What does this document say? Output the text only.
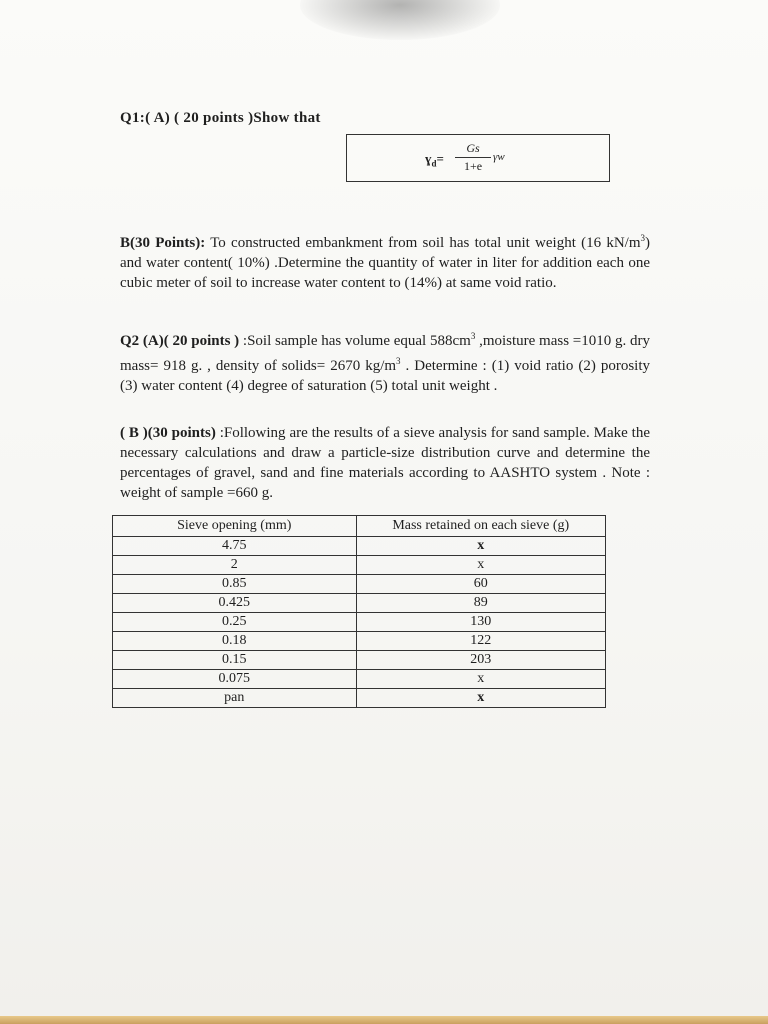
Q1:( A) ( 20 points )Show that
ɣ$_d$=
Gs
1+e
γw
B(30 Points): To constructed embankment from soil has total unit weight (16 $kN/m^3$) and water content( 10%) .Determine the quantity of water in liter for addition each one cubic meter of soil to increase water content to (14%) at same void ratio.
Q2 (A)( 20 points ) :Soil sample has volume equal $588cm^3$ ,moisture mass =1010 g. dry mass= 918 g. , density of solids= 2670 $kg/m^3$ . Determine : (1) void ratio (2) porosity (3) water content (4) degree of saturation (5) total unit weight .
( B )(30 points) :Following are the results of a sieve analysis for sand sample. Make the necessary calculations and draw a particle-size distribution curve and determine the percentages of gravel, sand and fine materials according to AASHTO system . Note : weight of sample =660 g.
Sieve opening (mm)	Mass retained on each sieve (g)
4.75	x
2	x
0.85	60
0.425	89
0.25	130
0.18	122
0.15	203
0.075	x
pan	x
